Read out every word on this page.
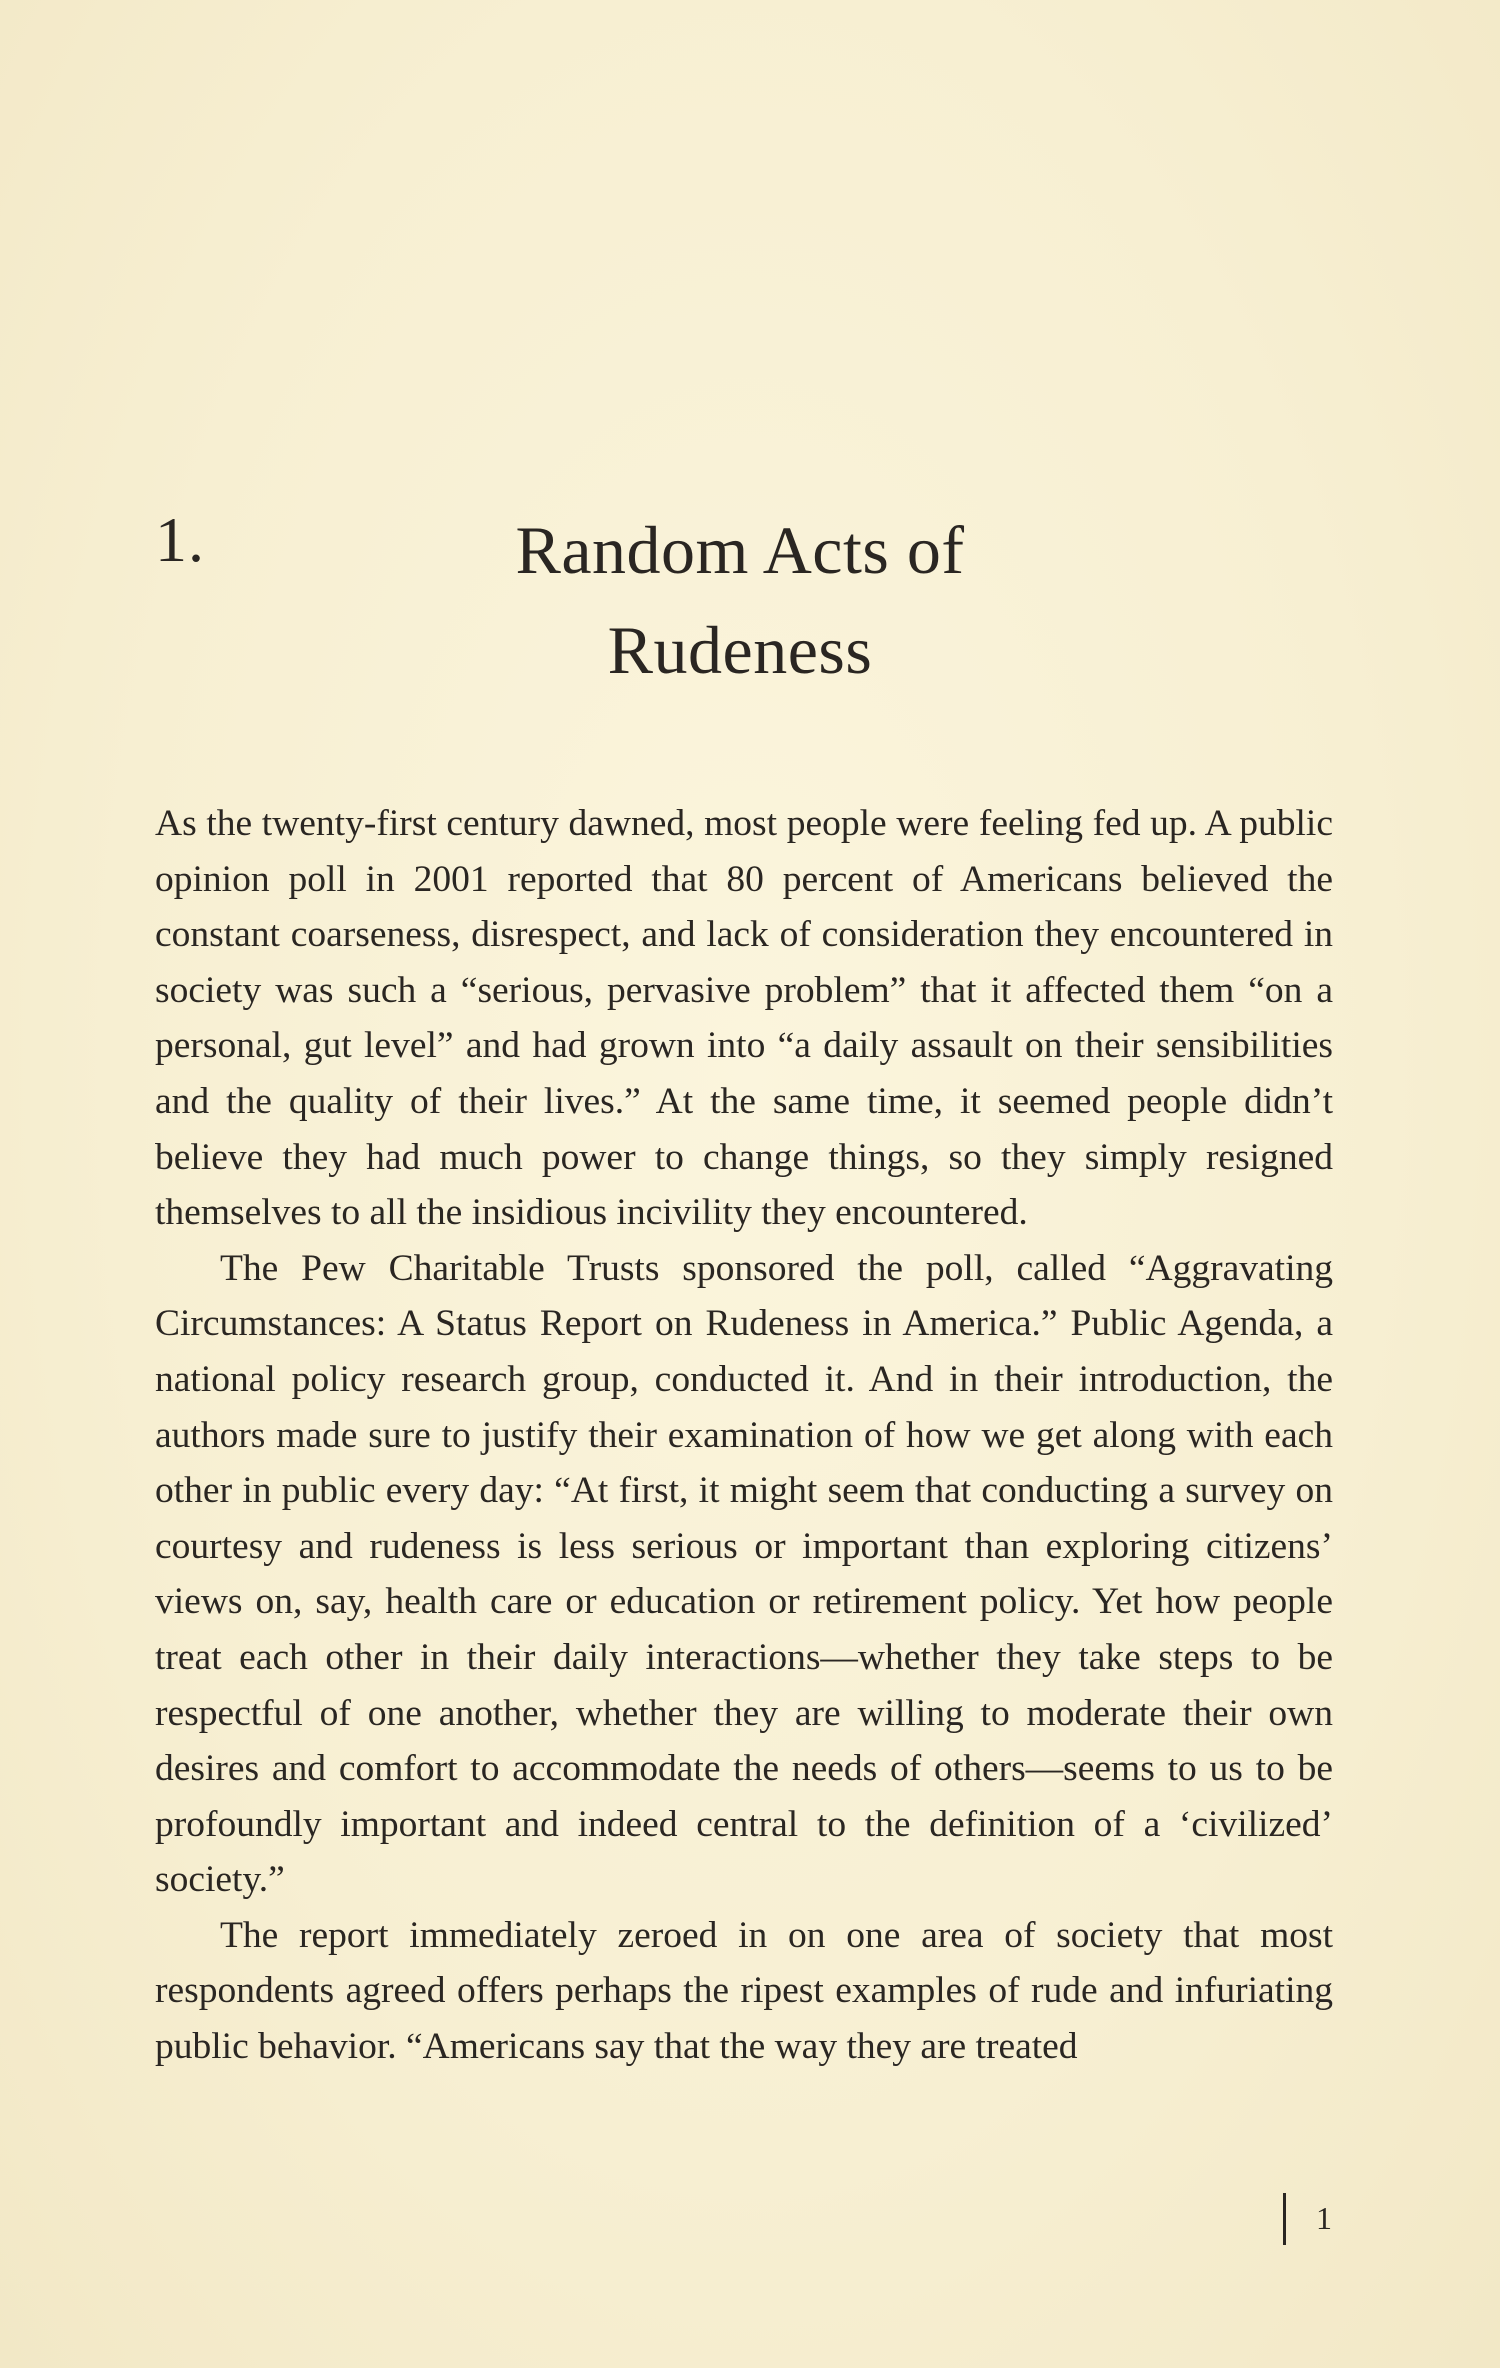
1.	Random Acts of
Rudeness

As the twenty-first century dawned, most people were feeling fed up. A public opinion poll in 2001 reported that 80 percent of Americans believed the constant coarseness, disrespect, and lack of consideration they encountered in society was such a “serious, pervasive problem” that it affected them “on a personal, gut level” and had grown into “a daily assault on their sensibilities and the quality of their lives.” At the same time, it seemed people didn’t believe they had much power to change things, so they simply resigned themselves to all the insidious incivility they encountered.

The Pew Charitable Trusts sponsored the poll, called “Aggravating Circumstances: A Status Report on Rudeness in America.” Public Agenda, a national policy research group, conducted it. And in their introduction, the authors made sure to justify their examination of how we get along with each other in public every day: “At first, it might seem that conducting a survey on courtesy and rudeness is less serious or important than exploring citizens’ views on, say, health care or education or retirement policy. Yet how people treat each other in their daily interactions—whether they take steps to be respectful of one another, whether they are willing to moderate their own desires and comfort to accommodate the needs of others—seems to us to be profoundly important and indeed central to the definition of a ‘civilized’ society.”

The report immediately zeroed in on one area of society that most respondents agreed offers perhaps the ripest examples of rude and infuriating public behavior. “Americans say that the way they are treated

1
